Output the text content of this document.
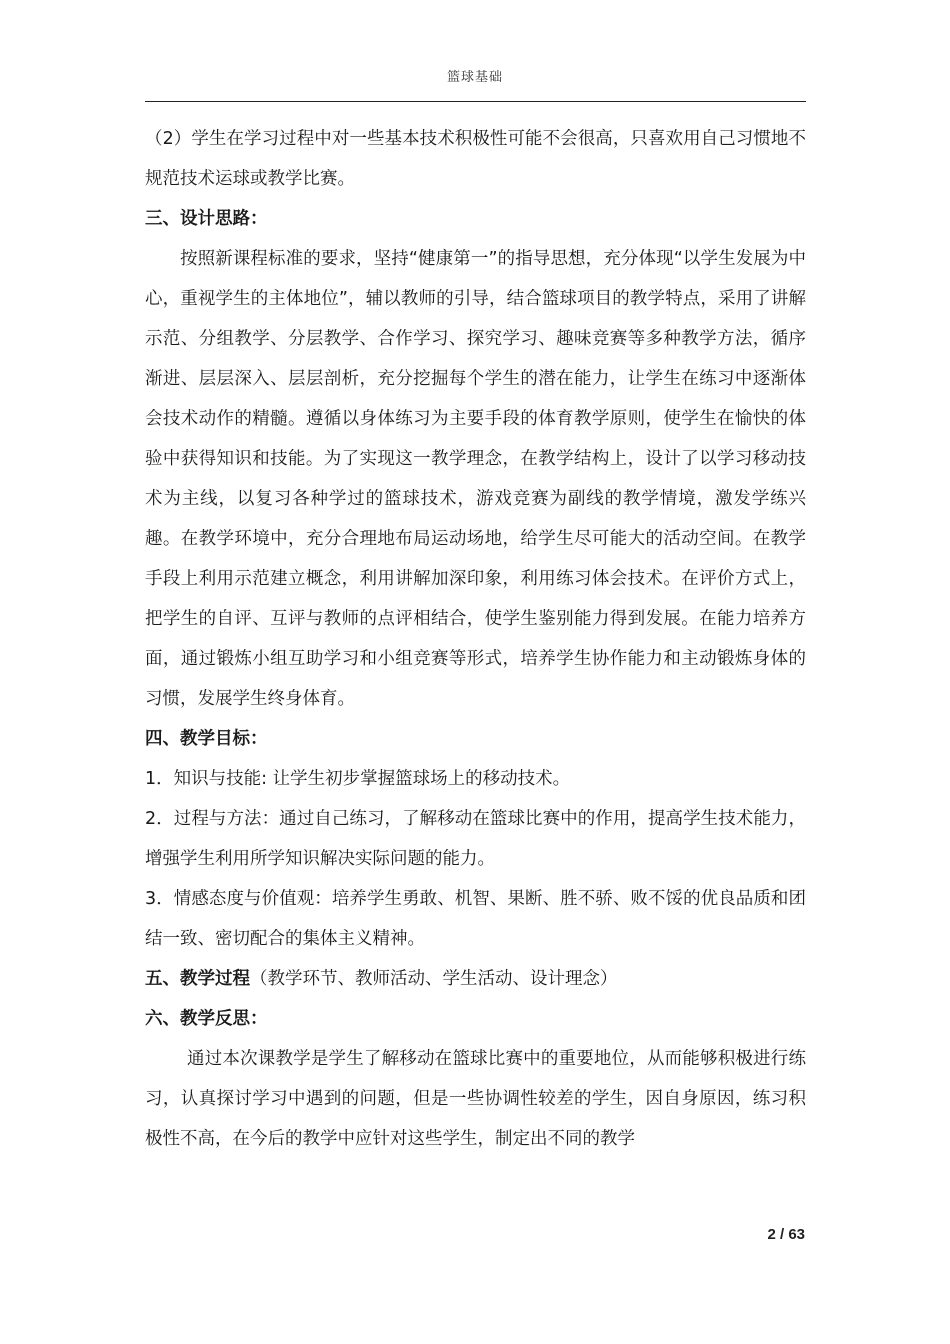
篮球基础

（2）学生在学习过程中对一些基本技术积极性可能不会很高，只喜欢用自己习惯地不规范技术运球或教学比赛。

三、设计思路：

按照新课程标准的要求，坚持“健康第一”的指导思想，充分体现“以学生发展为中心，重视学生的主体地位”，辅以教师的引导，结合篮球项目的教学特点，采用了讲解示范、分组教学、分层教学、合作学习、探究学习、趣味竞赛等多种教学方法，循序渐进、层层深入、层层剖析，充分挖掘每个学生的潜在能力，让学生在练习中逐渐体会技术动作的精髓。遵循以身体练习为主要手段的体育教学原则，使学生在愉快的体验中获得知识和技能。为了实现这一教学理念，在教学结构上，设计了以学习移动技术为主线，以复习各种学过的篮球技术，游戏竞赛为副线的教学情境，激发学练兴趣。在教学环境中，充分合理地布局运动场地，给学生尽可能大的活动空间。在教学手段上利用示范建立概念，利用讲解加深印象，利用练习体会技术。在评价方式上，把学生的自评、互评与教师的点评相结合，使学生鉴别能力得到发展。在能力培养方面，通过锻炼小组互助学习和小组竞赛等形式，培养学生协作能力和主动锻炼身体的习惯，发展学生终身体育。

四、教学目标：

1．知识与技能: 让学生初步掌握篮球场上的移动技术。

2．过程与方法：通过自己练习，了解移动在篮球比赛中的作用，提高学生技术能力，增强学生利用所学知识解决实际问题的能力。

3．情感态度与价值观：培养学生勇敢、机智、果断、胜不骄、败不馁的优良品质和团结一致、密切配合的集体主义精神。

五、教学过程（教学环节、教师活动、学生活动、设计理念）

六、教学反思：

通过本次课教学是学生了解移动在篮球比赛中的重要地位，从而能够积极进行练习，认真探讨学习中遇到的问题，但是一些协调性较差的学生，因自身原因，练习积极性不高，在今后的教学中应针对这些学生，制定出不同的教学

2 / 63
